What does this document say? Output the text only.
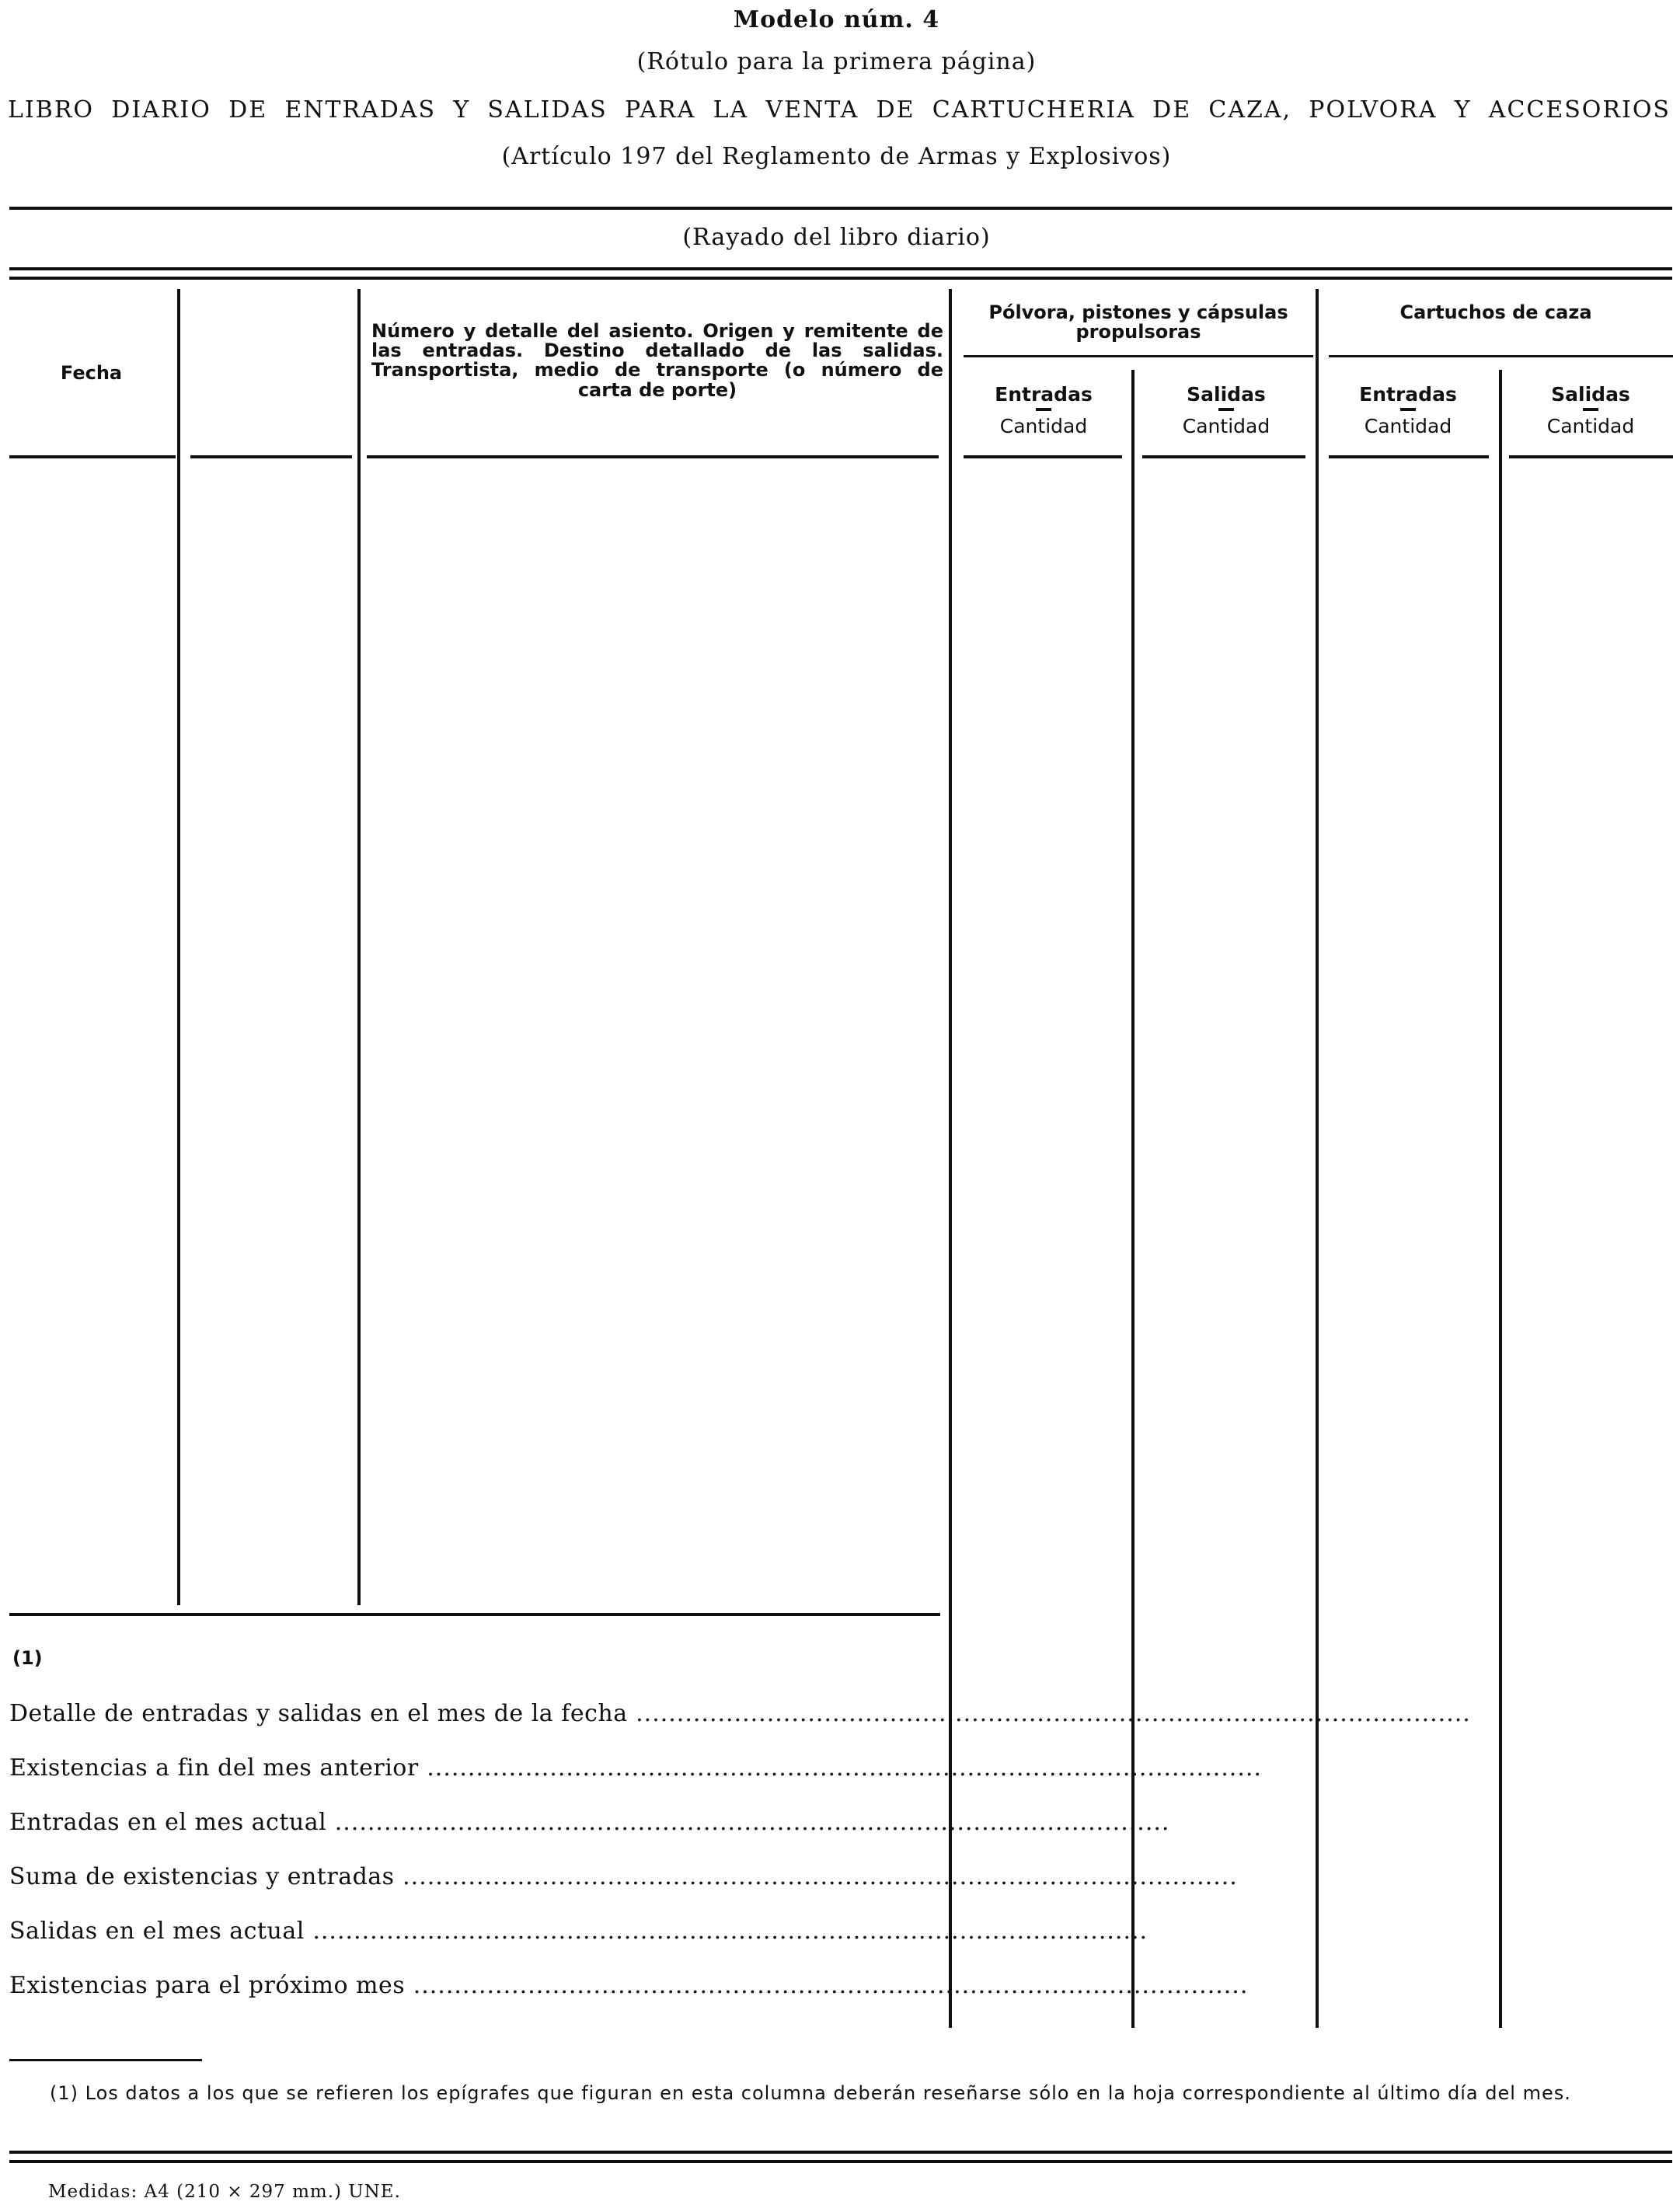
Modelo núm. 4
(Rótulo para la primera página)
LIBRO DIARIO DE ENTRADAS Y SALIDAS PARA LA VENTA DE CARTUCHERIA DE CAZA, POLVORA Y ACCESORIOS
(Artículo 197 del Reglamento de Armas y Explosivos)
(Rayado del libro diario)
Fecha
Número y detalle del asiento. Origen y remitente de las entradas. Destino detallado de las salidas. Transportista, medio de transporte (o número de carta de porte)
Pólvora, pistones y cápsulas propulsoras
Cartuchos de caza
Entradas
Cantidad
Salidas
Cantidad
Entradas
Cantidad
Salidas
Cantidad
(1)
Detalle de entradas y salidas en el mes de la fecha ......................................................................................................
Existencias a fin del mes anterior ......................................................................................................
Entradas en el mes actual ......................................................................................................
Suma de existencias y entradas ......................................................................................................
Salidas en el mes actual ......................................................................................................
Existencias para el próximo mes ......................................................................................................
(1) Los datos a los que se refieren los epígrafes que figuran en esta columna deberán reseñarse sólo en la hoja correspondiente al último día del mes.
Medidas: A4 (210 × 297 mm.) UNE.
